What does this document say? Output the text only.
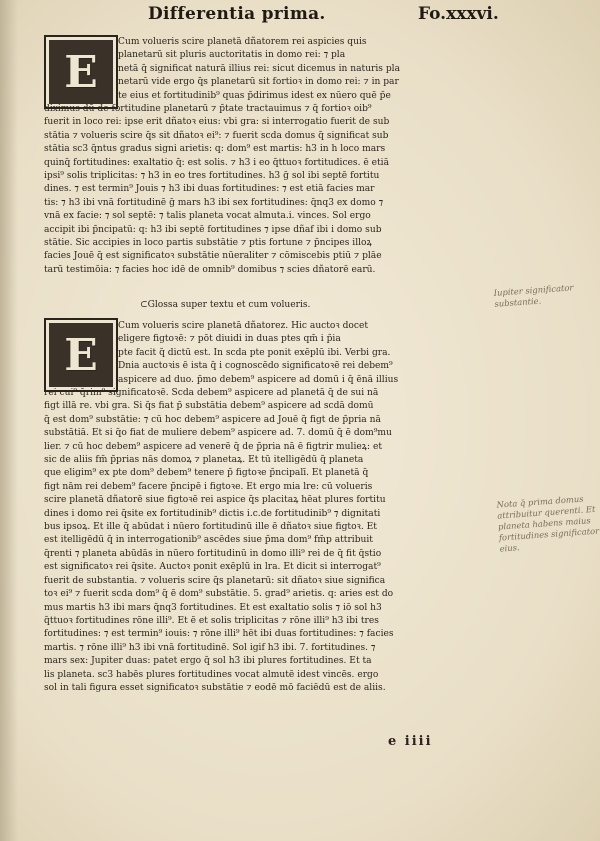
Differentia prima.	Fo.xxxvi.
E
Cum volueris scire planetā dñatorem rei aspicies quis
planetarū sit pluris auctoritatis in domo rei: ⁊ pla
netā q̄ significat naturā illius rei: sicut dicemus in naturis pla
netarū vide ergo q̄s planetarū sit fortioꝛ in domo rei: ⁊ in par
te eius et fortitudinib⁹ quas p̄dirimus idest ex nūero quē p̄e
diximus dū de fortitudine planetarū ⁊ p̄tate tractauimus ⁊ q̄ fortioꝛ oib⁹
fuerit in loco rei: ipse erit dñatoꝛ eius: vbi gra: si interrogatio fuerit de sub
stātia ⁊ volueris scire q̄s sit dñatoꝛ ei⁹: ⁊ fuerit scda domus q̄ significat sub
stātia sc3 q̄ntus gradus signi arietis: q: dom⁹ est martis: h3 in h̄ loco mars
quinq̄ fortitudines: exaltatio q̄: est solis. ⁊ h3 i eo q̄ttuoꝛ fortitudices. ē etiā
ipsi⁹ solis triplicitas: ⁊ h3 in eo tres fortitudines. h3 ḡ sol ibi septē fortitu
dines. ⁊ est termin⁹ Jouis ⁊ h3 ibi duas fortitudines: ⁊ est etiā facies mar
tis: ⁊ h3 ibi vnā fortitudinē ḡ mars h3 ibi sex fortitudines: q̄nq3 ex domo ⁊
vnā ex facie: ⁊ sol septē: ⁊ talis planeta vocat almuta.i. vinces. Sol ergo
accipit ibi p̄ncipatū: q: h3 ibi septē fortitudines ⁊ ipse dñaf ibi i domo sub
stātie. Sic accipies in loco partis substātie ⁊ ptis fortune ⁊ p̄ncipes illoꝝ
facies Jouē q̄ est significatoꝛ substātie nūeraliter ⁊ cōmiscebis ptiū ⁊ plāe
tarū testimōia: ⁊ facies hoc idē de omnib⁹ domibus ⁊ scies dñatorē earū.
⊂Glossa super textu et cum volueris.
E
Cum volueris scire planetā dñatorez. Hic auctoꝛ docet
eligere figtoꝛē: ⁊ pōt diuidi in duas ptes qm̄ i p̄ia
pte facit q̄ dictū est. In scda pte ponit exēplū ibi. Verbi gra.
Dnia auctoꝛis ē ista q̄ i cognoscēdo significatoꝛē rei debem⁹
aspicere ad duo. p̄mo debem⁹ aspicere ad domū i q̄ ēnā illius
rei cui⁹ q̄rim⁹ significatoꝛē. Scda debem⁹ aspicere ad planetā q̄ de sui nā
figt illā re. vbi gra. Si q̄s fiat p̄ substātia debem⁹ aspicere ad scdā domū
q̄ est dom⁹ substātie: ⁊ cū hoc debem⁹ aspicere ad Jouē q̄ figt de p̄pria nā
substātiā. Et si q̄o fiat de muliere debem⁹ aspicere ad. 7. domū q̄ ē dom⁹mu
lier. ⁊ cū hoc debem⁹ aspicere ad venerē q̄ de p̄pria nā ē figtrir mulieꝝ: et
sic de aliis fm̄ p̄prias nās domoꝝ ⁊ planetaꝝ. Et tū itelligēdū q̄ planeta
que eligim⁹ ex pte dom⁹ debem⁹ tenere p̄ figtoꝛe p̄ncipalī. Et planetā q̄
figt nām rei debem⁹ facere p̄ncipē i figtoꝛe. Et ergo mia lre: cū volueris
scire planetā dñatorē siue figtoꝛē rei aspice q̄s placitaꝝ hēat plures fortitu
dines i domo rei q̄site ex fortitudinib⁹ dictis i.c.de fortitudinib⁹ ⁊ dignitati
bus ipsoꝝ. Et ille q̄ abūdat i nūero fortitudinū ille ē dñatoꝛ siue figtoꝛ. Et
est itelligēdū q̄ in interrogationib⁹ ascēdes siue p̄ma dom⁹ fm̄p attribuit
q̄renti ⁊ planeta abūdās in nūero fortitudinū in domo illi⁹ rei de q̄ fit q̄stio
est significatoꝛ rei q̄site. Auctoꝛ ponit exēplū in lra. Et dicit si interrogat⁹
fuerit de substantia. ⁊ volueris scire q̄s planetarū: sit dñatoꝛ siue significa
toꝛ ei⁹ ⁊ fuerit scda dom⁹ q̄ ē dom⁹ substātie. 5. grad⁹ arietis. q: aries est do
mus martis h3 ibi mars q̄nq3 fortitudines. Et est exaltatio solis ⁊ iō sol h3
q̄ttuoꝛ fortitudines rōne illi⁹. Et ē et solis triplicitas ⁊ rōne illi⁹ h3 ibi tres
fortitudines: ⁊ est termin⁹ iouis: ⁊ rōne illi⁹ hēt ibi duas fortitudines: ⁊ facies
martis. ⁊ rōne illi⁹ h3 ibi vnā fortitudinē. Sol igif h3 ibi. 7. fortitudines. ⁊
mars sex: Jupiter duas: patet ergo q̄ sol h3 ibi plures fortitudines. Et ta
lis planeta. sc3 habēs plures fortitudines vocat almutē idest vincēs. ergo
sol in tali figura esset significatoꝛ substātie ⁊ eodē mō faciēdū est de aliis.
e iiii
Iupiter significator substantie.
Nota q̄ prima domus attribuitur querenti. Et planeta habens maius fortitudines significator eius.
